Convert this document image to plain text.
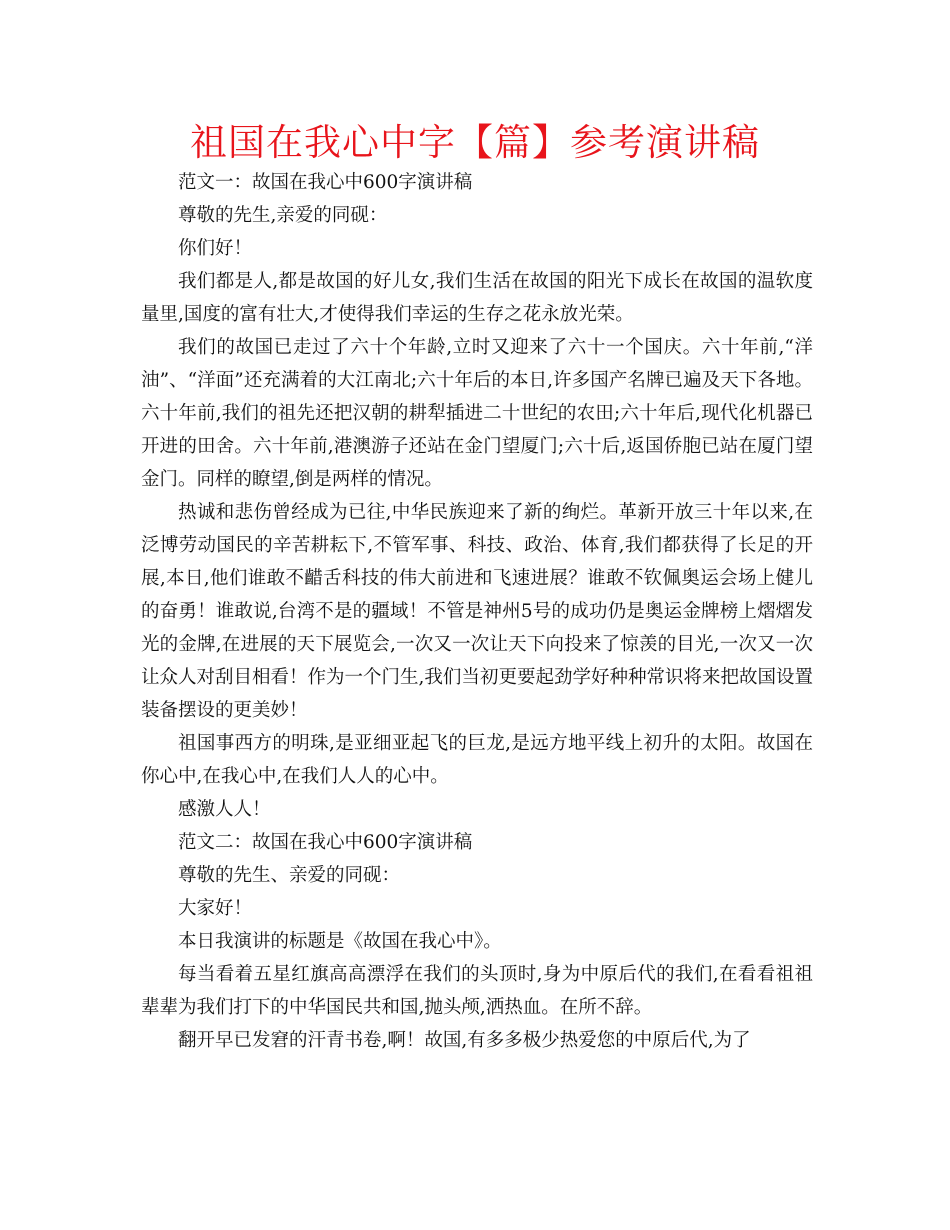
祖国在我心中字【篇】参考演讲稿

范文一：故国在我心中600字演讲稿

尊敬的先生,亲爱的同砚：

你们好！

我们都是人,都是故国的好儿女,我们生活在故国的阳光下成长在故国的温软度量里,国度的富有壮大,才使得我们幸运的生存之花永放光荣。

我们的故国已走过了六十个年龄,立时又迎来了六十一个国庆。六十年前,“洋油”、“洋面”还充满着的大江南北;六十年后的本日,许多国产名牌已遍及天下各地。六十年前,我们的祖先还把汉朝的耕犁插进二十世纪的农田;六十年后,现代化机器已开进的田舍。六十年前,港澳游子还站在金门望厦门;六十后,返国侨胞已站在厦门望金门。同样的瞭望,倒是两样的情况。

热诚和悲伤曾经成为已往,中华民族迎来了新的绚烂。革新开放三十年以来,在泛博劳动国民的辛苦耕耘下,不管军事、科技、政治、体育,我们都获得了长足的开展,本日,他们谁敢不齰舌科技的伟大前进和飞速进展？谁敢不钦佩奥运会场上健儿的奋勇！谁敢说,台湾不是的疆域！不管是神州5号的成功仍是奥运金牌榜上熠熠发光的金牌,在进展的天下展览会,一次又一次让天下向投来了惊羡的目光,一次又一次让众人对刮目相看！作为一个门生,我们当初更要起劲学好种种常识将来把故国设置装备摆设的更美妙！

祖国事西方的明珠,是亚细亚起飞的巨龙,是远方地平线上初升的太阳。故国在你心中,在我心中,在我们人人的心中。

感激人人！

范文二：故国在我心中600字演讲稿

尊敬的先生、亲爱的同砚：

大家好！

本日我演讲的标题是《故国在我心中》。

每当看着五星红旗高高漂浮在我们的头顶时,身为中原后代的我们,在看看祖祖辈辈为我们打下的中华国民共和国,抛头颅,洒热血。在所不辞。

翻开早已发窘的汗青书卷,啊！故国,有多多极少热爱您的中原后代,为了
